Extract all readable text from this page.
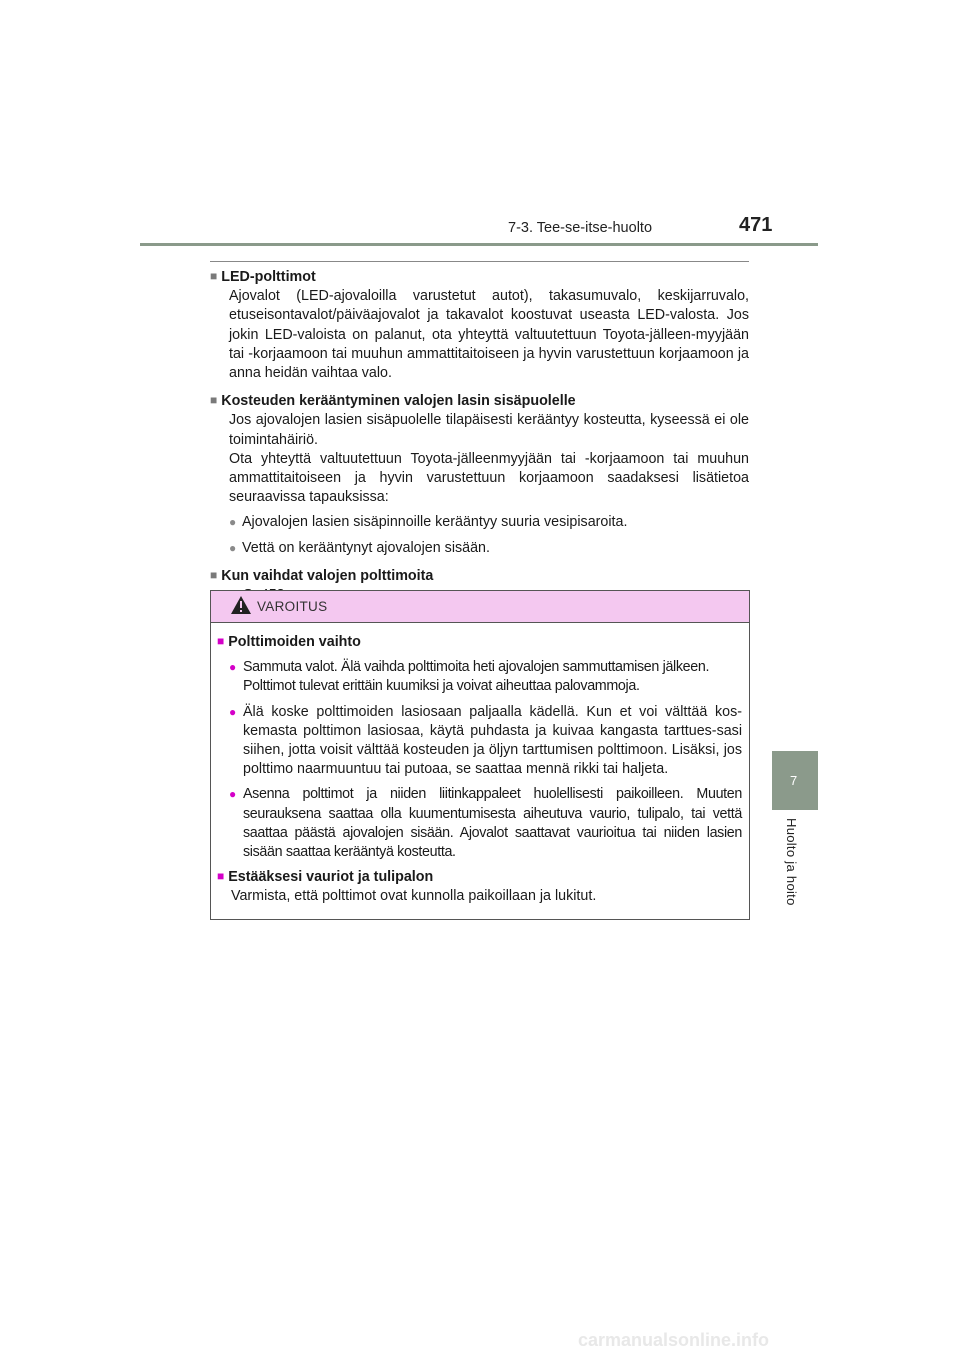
7-3. Tee-se-itse-huolto	471
■ LED-polttimot
Ajovalot (LED-ajovaloilla varustetut autot), takasumuvalo, keskijarruvalo, etuseisontavalot/päiväajovalot ja takavalot koostuvat useasta LED-valosta. Jos jokin LED-valoista on palanut, ota yhteyttä valtuutettuun Toyota-jälleen-myyjään tai -korjaamoon tai muuhun ammattitaitoiseen ja hyvin varustettuun korjaamoon ja anna heidän vaihtaa valo.
■ Kosteuden kerääntyminen valojen lasin sisäpuolelle
Jos ajovalojen lasien sisäpuolelle tilapäisesti kerääntyy kosteutta, kyseessä ei ole toimintahäiriö.
Ota yhteyttä valtuutettuun Toyota-jälleenmyyjään tai -korjaamoon tai muuhun ammattitaitoiseen ja hyvin varustettuun korjaamoon saadaksesi lisätietoa seuraavissa tapauksissa:
● Ajovalojen lasien sisäpinnoille kerääntyy suuria vesipisaroita.
● Vettä on kerääntynyt ajovalojen sisään.
■ Kun vaihdat valojen polttimoita
VAROITUS
■ Polttimoiden vaihto
● Sammuta valot. Älä vaihda polttimoita heti ajovalojen sammuttamisen jälkeen. Polttimot tulevat erittäin kuumiksi ja voivat aiheuttaa palovammoja.
● Älä koske polttimoiden lasiosaan paljaalla kädellä. Kun et voi välttää kos-kemasta polttimon lasiosaa, käytä puhdasta ja kuivaa kangasta tarttues-sasi siihen, jotta voisit välttää kosteuden ja öljyn tarttumisen polttimoon. Lisäksi, jos polttimo naarmuuntuu tai putoaa, se saattaa mennä rikki tai haljeta.
● Asenna polttimot ja niiden liitinkappaleet huolellisesti paikoilleen. Muuten seurauksena saattaa olla kuumentumisesta aiheutuva vaurio, tulipalo, tai vettä saattaa päästä ajovalojen sisään. Ajovalot saattavat vaurioitua tai niiden lasien sisään saattaa kerääntyä kosteutta.
■ Estääksesi vauriot ja tulipalon
Varmista, että polttimot ovat kunnolla paikoillaan ja lukitut.
7
Huolto ja hoito
carmanualsonline.info
